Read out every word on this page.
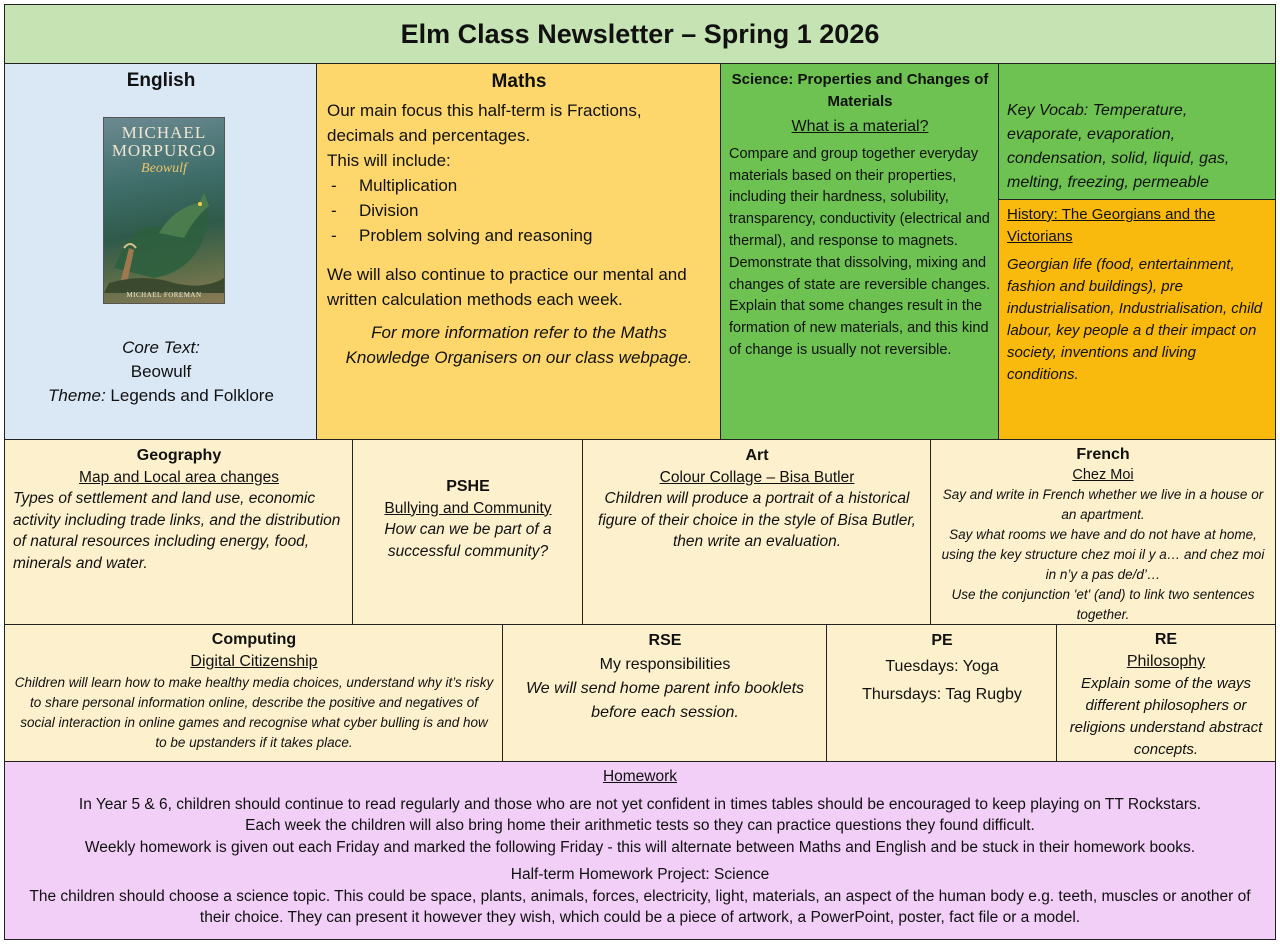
Elm Class Newsletter – Spring 1 2026
English
MICHAEL
MORPURGO
Beowulf
MICHAEL FOREMAN
Core Text:
Beowulf
Theme: Legends and Folklore
Maths

Our main focus this half-term is Fractions, decimals and percentages.

This will include:

- Multiplication
- Division
- Problem solving and reasoning

We will also continue to practice our mental and written calculation methods each week.

For more information refer to the Maths Knowledge Organisers on our class webpage.

Science: Properties and Changes of Materials
What is a material?

Compare and group together everyday materials based on their properties, including their hardness, solubility, transparency, conductivity (electrical and thermal), and response to magnets. Demonstrate that dissolving, mixing and changes of state are reversible changes. Explain that some changes result in the formation of new materials, and this kind of change is usually not reversible.

Key Vocab: Temperature, evaporate, evaporation, condensation, solid, liquid, gas, melting, freezing, permeable
History: The Georgians and the Victorians

Georgian life (food, entertainment, fashion and buildings), pre industrialisation, Industrialisation, child labour, key people a d their impact on society, inventions and living conditions.

Geography
Map and Local area changes

Types of settlement and land use, economic activity including trade links, and the distribution of natural resources including energy, food, minerals and water.

PSHE
Bullying and Community

How can we be part of a successful community?

Art
Colour Collage – Bisa Butler

Children will produce a portrait of a historical figure of their choice in the style of Bisa Butler, then write an evaluation.

French
Chez Moi

Say and write in French whether we live in a house or an apartment.

Say what rooms we have and do not have at home, using the key structure chez moi il y a… and chez moi in n’y a pas de/d’…

Use the conjunction 'et' (and) to link two sentences together.

Computing
Digital Citizenship

Children will learn how to make healthy media choices, understand why it’s risky to share personal information online, describe the positive and negatives of social interaction in online games and recognise what cyber bulling is and how to be upstanders if it takes place.

RSE
My responsibilities

We will send home parent info booklets before each session.

PE
Tuesdays: Yoga
Thursdays: Tag Rugby
RE
Philosophy

Explain some of the ways different philosophers or religions understand abstract concepts.

Homework

In Year 5 & 6, children should continue to read regularly and those who are not yet confident in times tables should be encouraged to keep playing on TT Rockstars.

Each week the children will also bring home their arithmetic tests so they can practice questions they found difficult.

Weekly homework is given out each Friday and marked the following Friday - this will alternate between Maths and English and be stuck in their homework books.

Half-term Homework Project: Science

The children should choose a science topic. This could be space, plants, animals, forces, electricity, light, materials, an aspect of the human body e.g. teeth, muscles or another of their choice. They can present it however they wish, which could be a piece of artwork, a PowerPoint, poster, fact file or a model.
